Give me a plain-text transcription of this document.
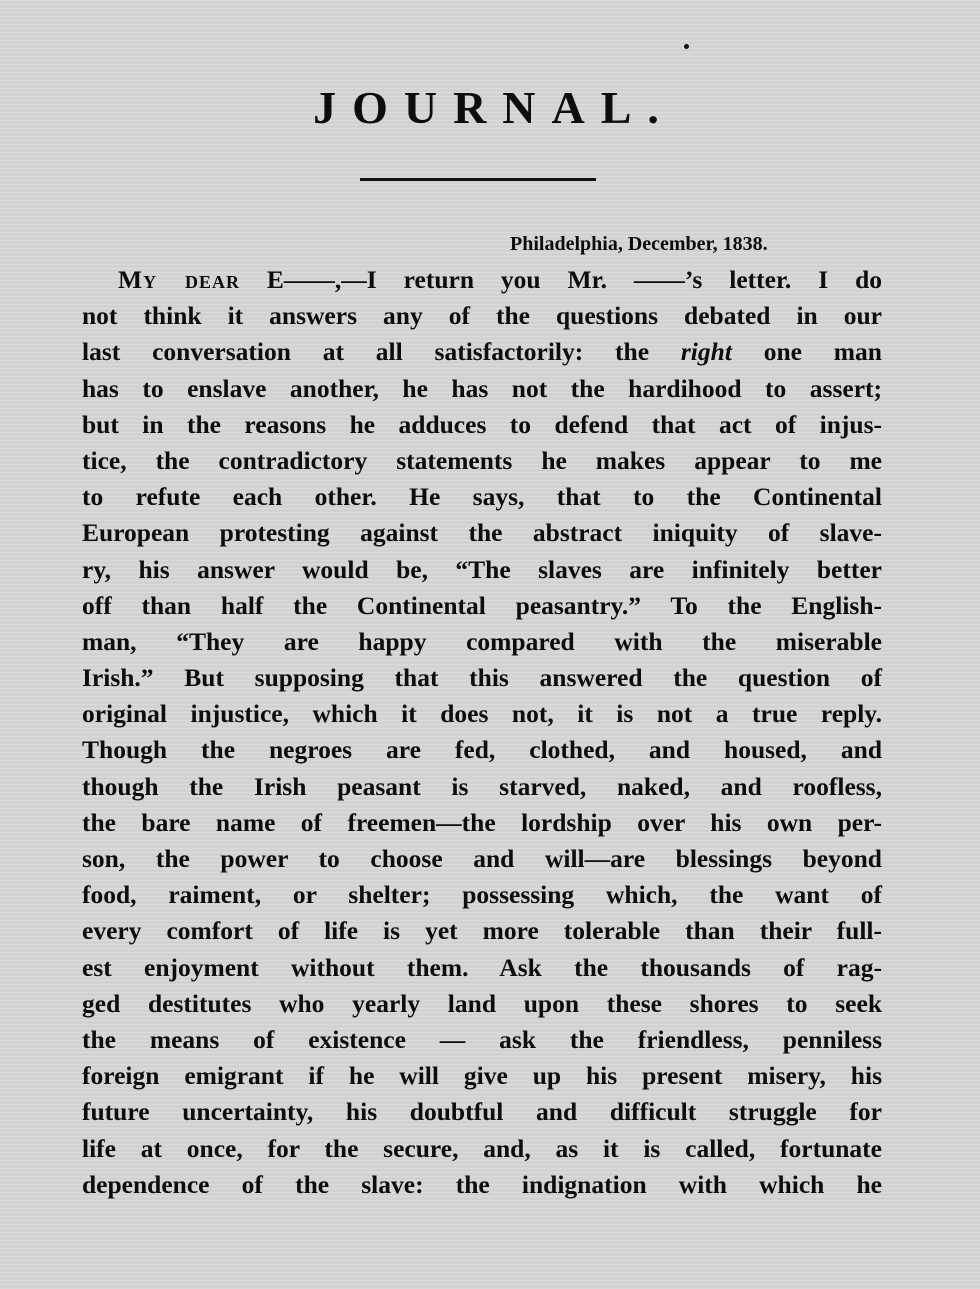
JOURNAL.
Philadelphia, December, 1838.
My dear E——,—I return you Mr. ——’s letter. I do
not think it answers any of the questions debated in our
last conversation at all satisfactorily: the right one man
has to enslave another, he has not the hardihood to assert;
but in the reasons he adduces to defend that act of injus-
tice, the contradictory statements he makes appear to me
to refute each other. He says, that to the Continental
European protesting against the abstract iniquity of slave-
ry, his answer would be, “The slaves are infinitely better
off than half the Continental peasantry.” To the English-
man, “They are happy compared with the miserable
Irish.” But supposing that this answered the question of
original injustice, which it does not, it is not a true reply.
Though the negroes are fed, clothed, and housed, and
though the Irish peasant is starved, naked, and roofless,
the bare name of freemen—the lordship over his own per-
son, the power to choose and will—are blessings beyond
food, raiment, or shelter; possessing which, the want of
every comfort of life is yet more tolerable than their full-
est enjoyment without them. Ask the thousands of rag-
ged destitutes who yearly land upon these shores to seek
the means of existence — ask the friendless, penniless
foreign emigrant if he will give up his present misery, his
future uncertainty, his doubtful and difficult struggle for
life at once, for the secure, and, as it is called, fortunate
dependence of the slave: the indignation with which he
